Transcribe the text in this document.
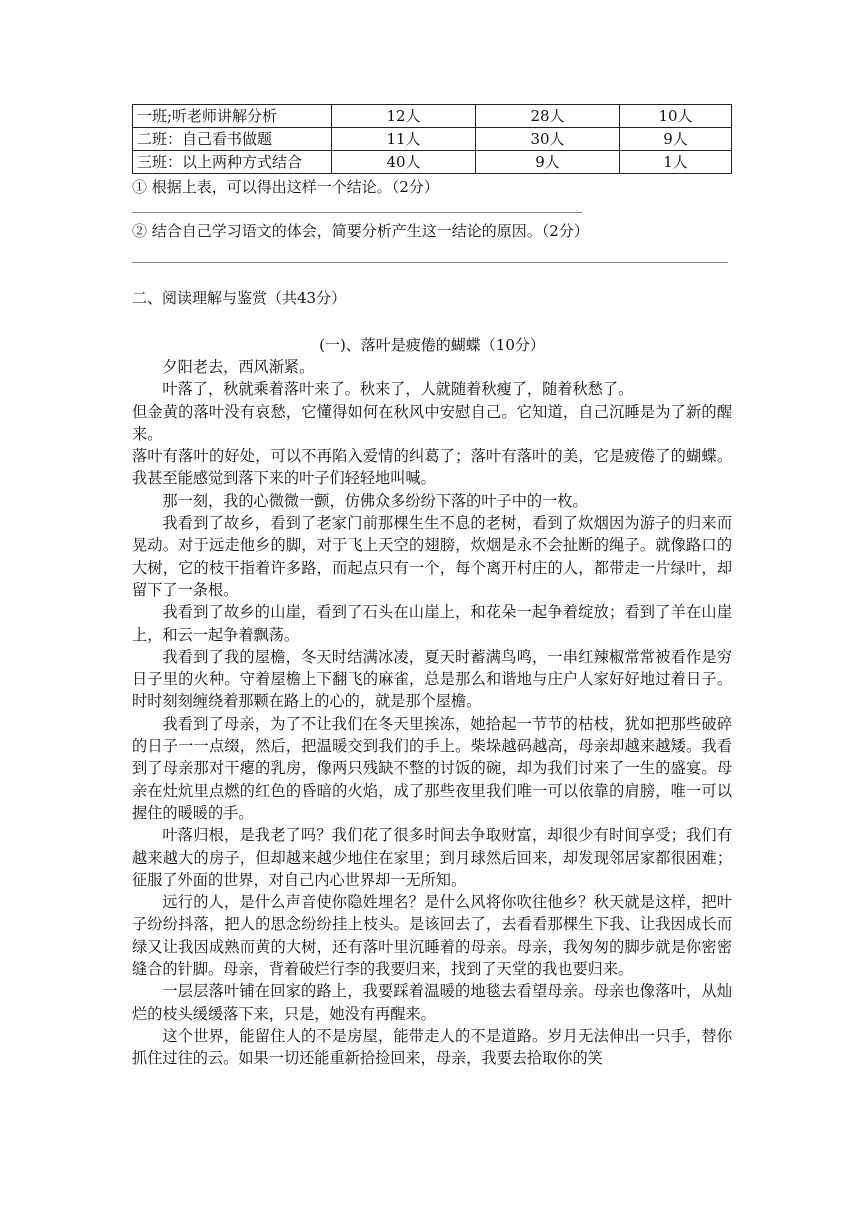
一班;听老师讲解分析	12人	28人	10人
二班：自己看书做题	11人	30人	9人
三班：以上两种方式结合	40人	9人	1人
① 根据上表，可以得出这样一个结论。（2分）
② 结合自己学习语文的体会，简要分析产生这一结论的原因。（2分）
二、阅读理解与鉴赏（共43分）
(一)、落叶是疲倦的蝴蝶（10分）

夕阳老去，西风渐紧。

叶落了，秋就乘着落叶来了。秋来了，人就随着秋瘦了，随着秋愁了。

但金黄的落叶没有哀愁，它懂得如何在秋风中安慰自己。它知道，自己沉睡是为了新的醒来。

落叶有落叶的好处，可以不再陷入爱情的纠葛了；落叶有落叶的美，它是疲倦了的蝴蝶。我甚至能感觉到落下来的叶子们轻轻地叫喊。

那一刻，我的心微微一颤，仿佛众多纷纷下落的叶子中的一枚。

我看到了故乡，看到了老家门前那棵生生不息的老树，看到了炊烟因为游子的归来而晃动。对于远走他乡的脚，对于飞上天空的翅膀，炊烟是永不会扯断的绳子。就像路口的大树，它的枝干指着许多路，而起点只有一个，每个离开村庄的人，都带走一片绿叶，却留下了一条根。

我看到了故乡的山崖，看到了石头在山崖上，和花朵一起争着绽放；看到了羊在山崖上，和云一起争着飘荡。

我看到了我的屋檐，冬天时结满冰凌，夏天时蓄满鸟鸣，一串红辣椒常常被看作是穷日子里的火种。守着屋檐上下翻飞的麻雀，总是那么和谐地与庄户人家好好地过着日子。时时刻刻缠绕着那颗在路上的心的，就是那个屋檐。

我看到了母亲，为了不让我们在冬天里挨冻，她拾起一节节的枯枝，犹如把那些破碎的日子一一点缀，然后，把温暖交到我们的手上。柴垛越码越高，母亲却越来越矮。我看到了母亲那对干瘪的乳房，像两只残缺不整的讨饭的碗，却为我们讨来了一生的盛宴。母亲在灶炕里点燃的红色的昏暗的火焰，成了那些夜里我们唯一可以依靠的肩膀，唯一可以握住的暖暖的手。

叶落归根，是我老了吗？我们花了很多时间去争取财富，却很少有时间享受；我们有越来越大的房子，但却越来越少地住在家里；到月球然后回来，却发现邻居家都很困难；征服了外面的世界，对自己内心世界却一无所知。

远行的人，是什么声音使你隐姓埋名？是什么风将你吹往他乡？秋天就是这样，把叶子纷纷抖落，把人的思念纷纷挂上枝头。是该回去了，去看看那棵生下我、让我因成长而绿又让我因成熟而黄的大树，还有落叶里沉睡着的母亲。母亲，我匆匆的脚步就是你密密缝合的针脚。母亲，背着破烂行李的我要归来，找到了天堂的我也要归来。

一层层落叶铺在回家的路上，我要踩着温暖的地毯去看望母亲。母亲也像落叶，从灿烂的枝头缓缓落下来，只是，她没有再醒来。

这个世界，能留住人的不是房屋，能带走人的不是道路。岁月无法伸出一只手，替你抓住过往的云。如果一切还能重新拾捡回来，母亲，我要去拾取你的笑
